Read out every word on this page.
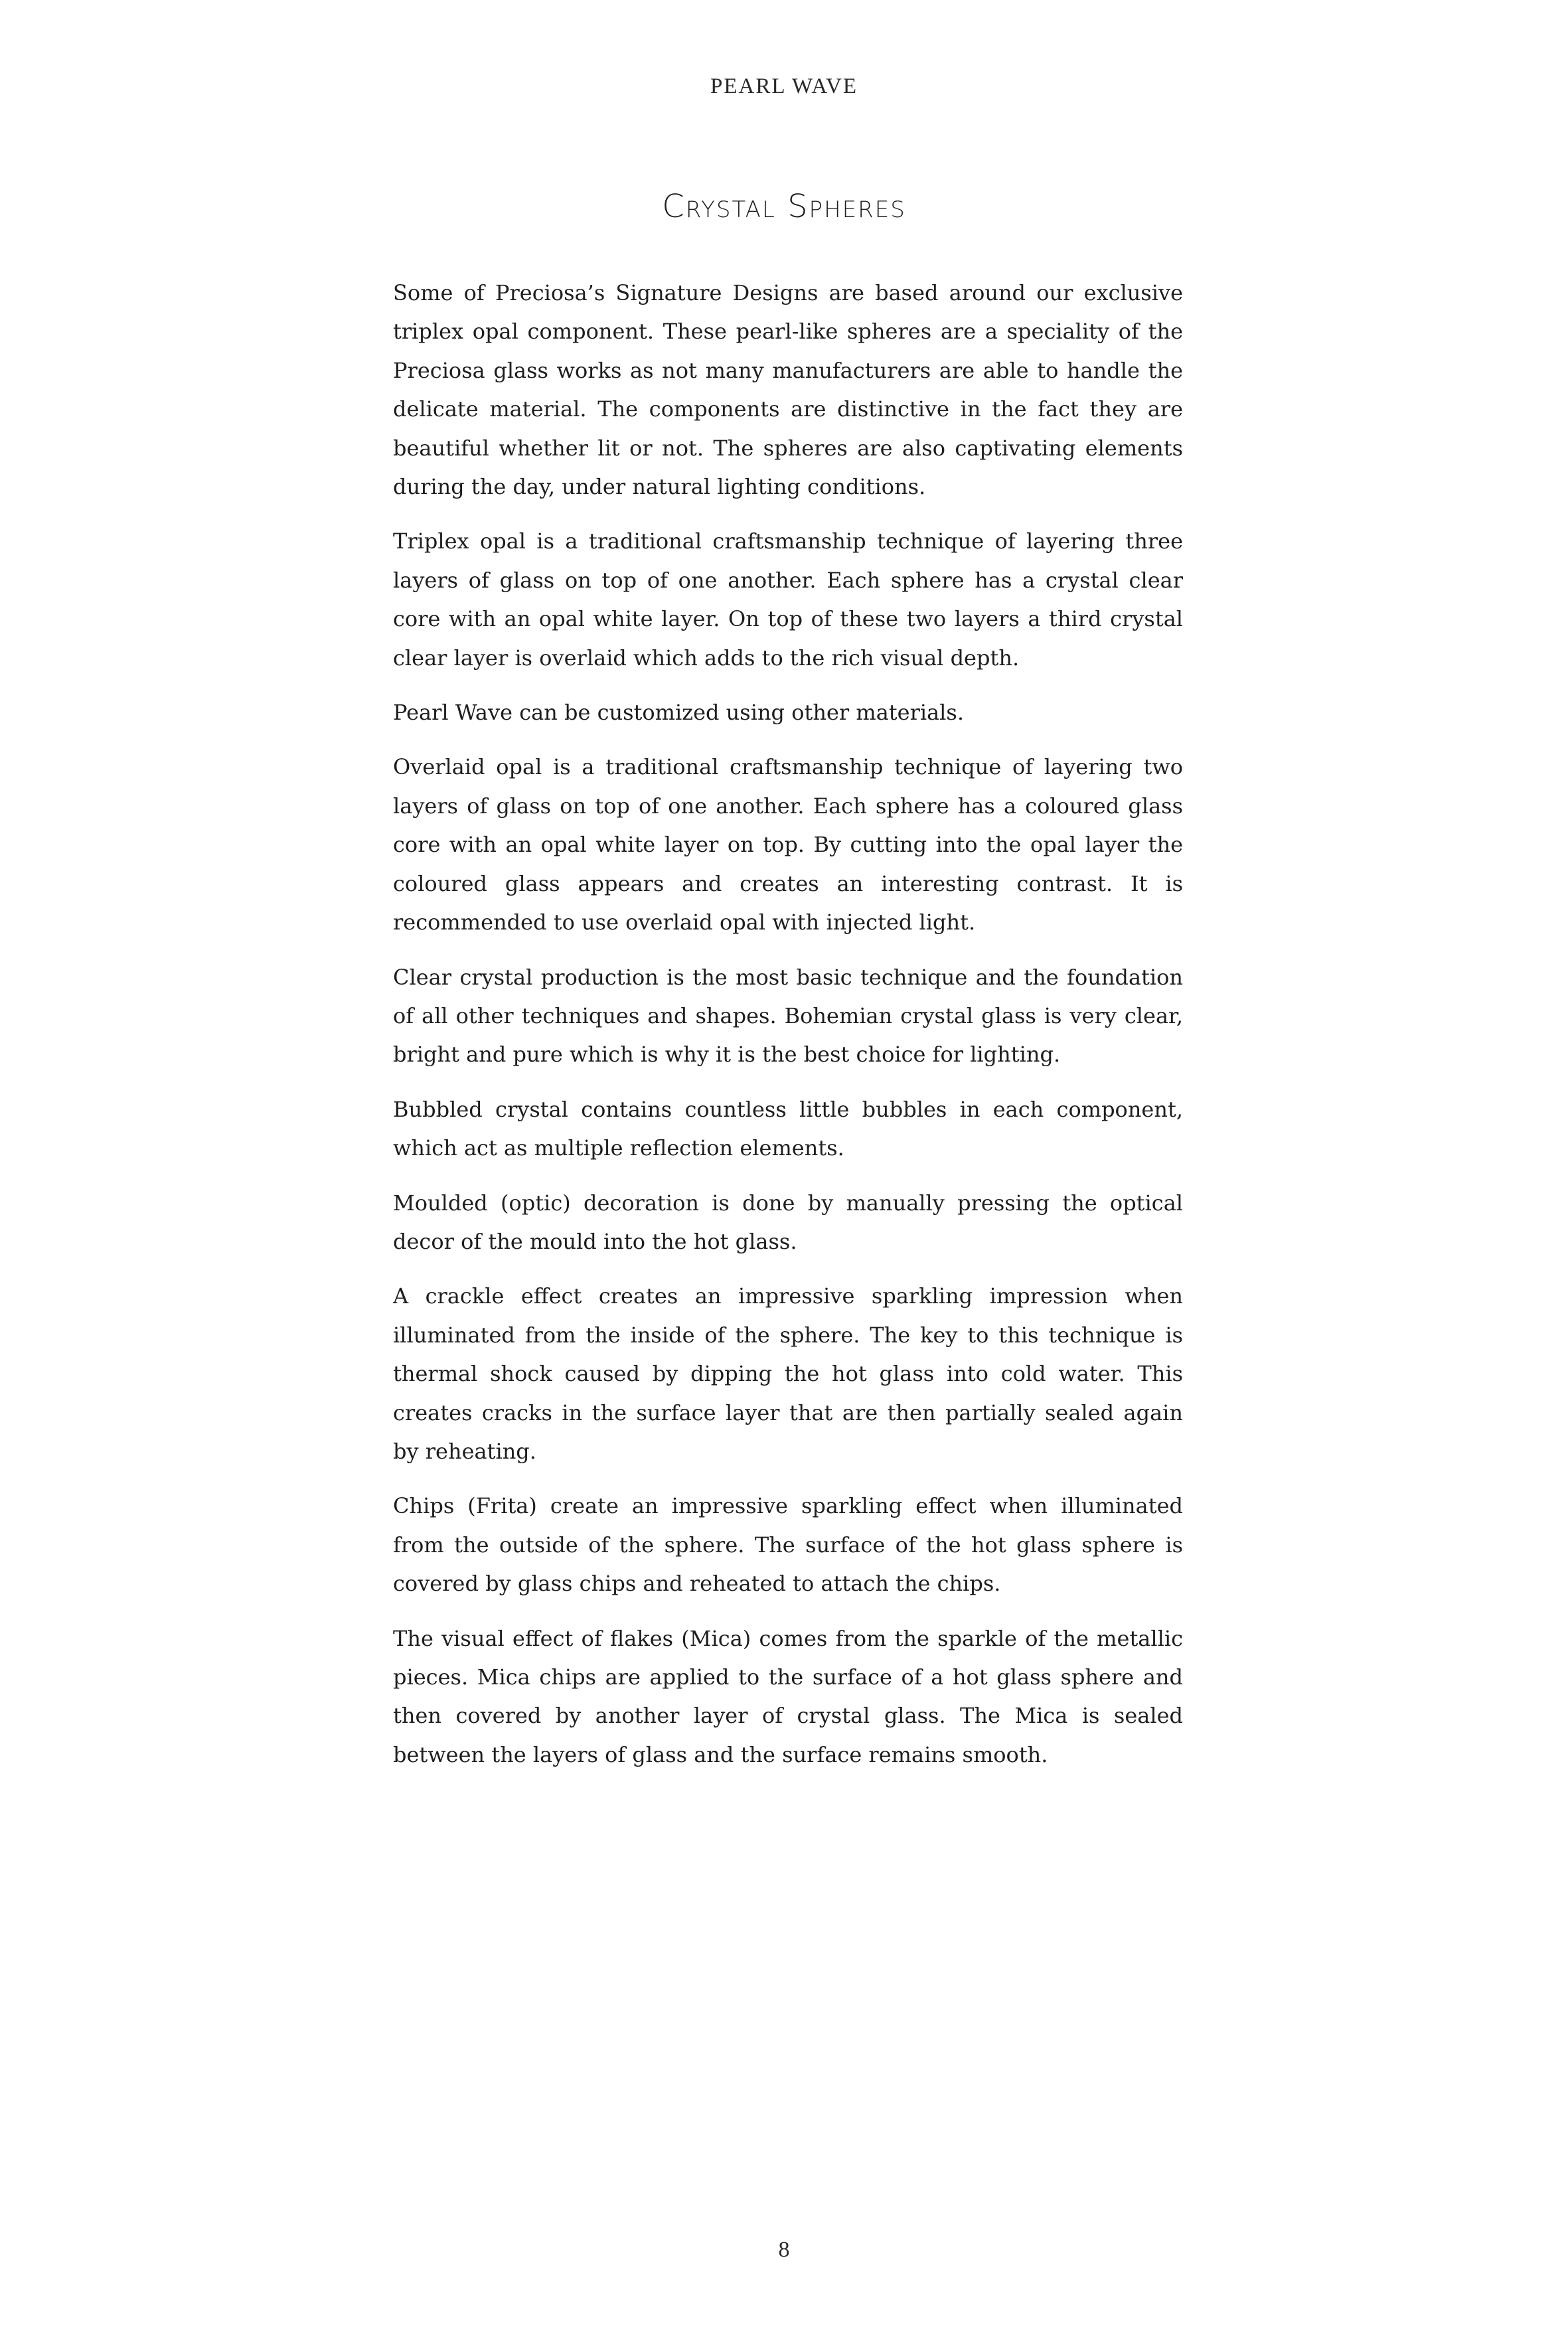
PEARL WAVE
Crystal Spheres

Some of Preciosa’s Signature Designs are based around our exclusive triplex opal component. These pearl-like spheres are a speciality of the Preciosa glass works as not many manufacturers are able to handle the delicate material. The components are distinctive in the fact they are beautiful whether lit or not. The spheres are also captivating elements during the day, under natural lighting conditions.

Triplex opal is a traditional craftsmanship technique of layering three layers of glass on top of one another. Each sphere has a crystal clear core with an opal white layer. On top of these two layers a third crystal clear layer is overlaid which adds to the rich visual depth.

Pearl Wave can be customized using other materials.

Overlaid opal is a traditional craftsmanship technique of layering two layers of glass on top of one another. Each sphere has a coloured glass core with an opal white layer on top. By cutting into the opal layer the coloured glass appears and creates an interesting contrast. It is recommended to use overlaid opal with injected light.

Clear crystal production is the most basic technique and the foundation of all other techniques and shapes. Bohemian crystal glass is very clear, bright and pure which is why it is the best choice for lighting.

Bubbled crystal contains countless little bubbles in each component, which act as multiple reflection elements.

Moulded (optic) decoration is done by manually pressing the optical decor of the mould into the hot glass.

A crackle effect creates an impressive sparkling impression when illuminated from the inside of the sphere. The key to this technique is thermal shock caused by dipping the hot glass into cold water. This creates cracks in the surface layer that are then partially sealed again by reheating.

Chips (Frita) create an impressive sparkling effect when illuminated from the outside of the sphere. The surface of the hot glass sphere is covered by glass chips and reheated to attach the chips.

The visual effect of flakes (Mica) comes from the sparkle of the metallic pieces. Mica chips are applied to the surface of a hot glass sphere and then covered by another layer of crystal glass. The Mica is sealed between the layers of glass and the surface remains smooth.

8
